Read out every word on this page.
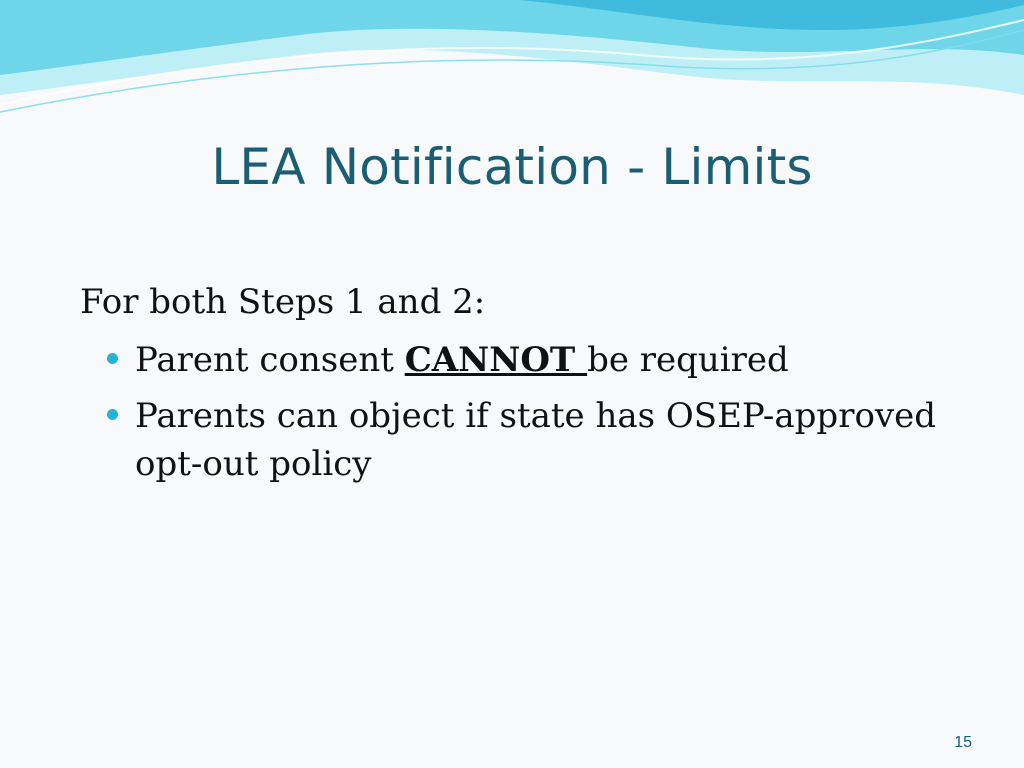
LEA Notification - Limits

For both Steps 1 and 2:

Parent consent CANNOT be required
Parents can object if state has OSEP-approved opt-out policy
15
